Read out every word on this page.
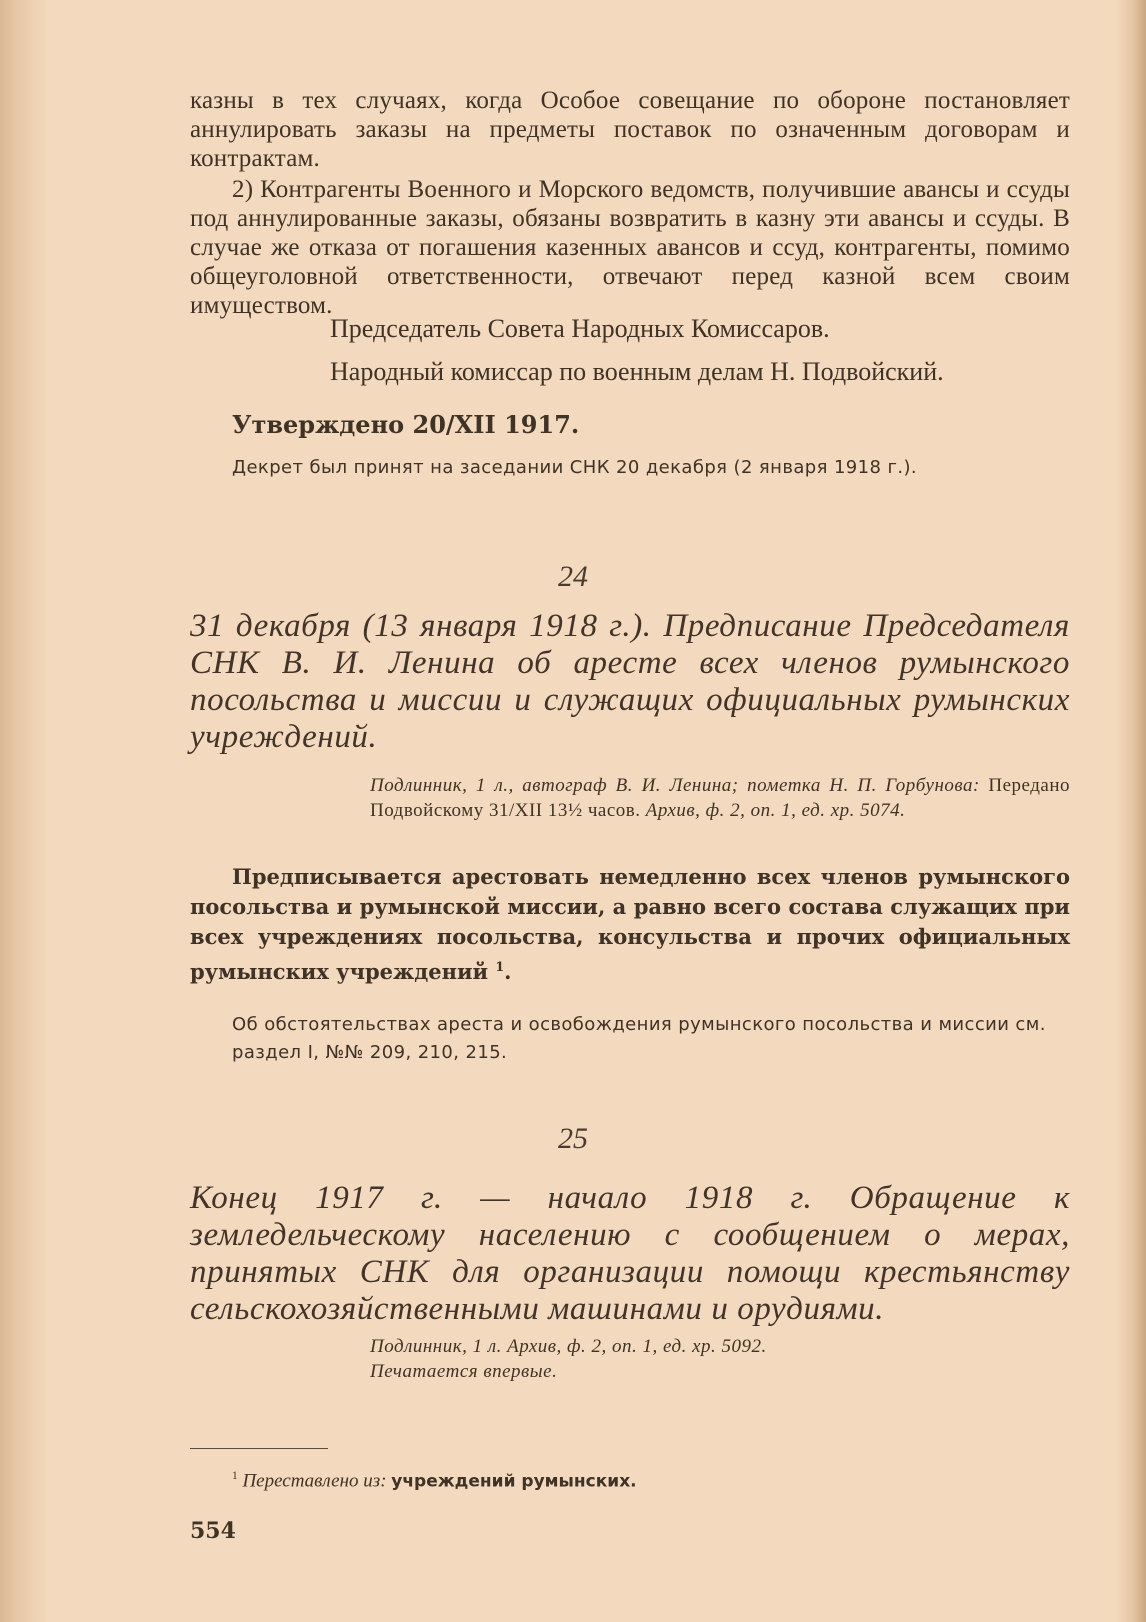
казны в тех случаях, когда Особое совещание по обороне постановляет аннулировать заказы на предметы поставок по означенным договорам и контрактам.

2) Контрагенты Военного и Морского ведомств, получившие авансы и ссуды под аннулированные заказы, обязаны возвратить в казну эти авансы и ссуды. В случае же отказа от погашения казенных авансов и ссуд, контрагенты, помимо общеуголовной ответственности, отвечают перед казной всем своим имуществом.

Председатель Совета Народных Комиссаров.

Народный комиссар по военным делам Н. Подвойский.

Утверждено 20/XII 1917.

Декрет был принят на заседании СНК 20 декабря (2 января 1918 г.).

24

31 декабря (13 января 1918 г.). Предписание Председателя СНК В. И. Ленина об аресте всех членов румынского посольства и миссии и служащих официальных румынских учреждений.

Подлинник, 1 л., автограф В. И. Ленина; пометка Н. П. Горбунова: Передано Подвойскому 31/XII 13½ часов. Архив, ф. 2, оп. 1, ед. хр. 5074.

Предписывается арестовать немедленно всех членов румынского посольства и румынской миссии, а равно всего состава служащих при всех учреждениях посольства, консульства и прочих официальных румынских учреждений $^1$.

Об обстоятельствах ареста и освобождения румынского посольства и миссии см. раздел I, №№ 209, 210, 215.

25

Конец 1917 г. — начало 1918 г. Обращение к земледельческому населению с сообщением о мерах, принятых СНК для организации помощи крестьянству сельскохозяйственными машинами и орудиями.

Подлинник, 1 л. Архив, ф. 2, оп. 1, ед. хр. 5092.
Печатается впервые.

$^1$ Переставлено из: учреждений румынских.

554
